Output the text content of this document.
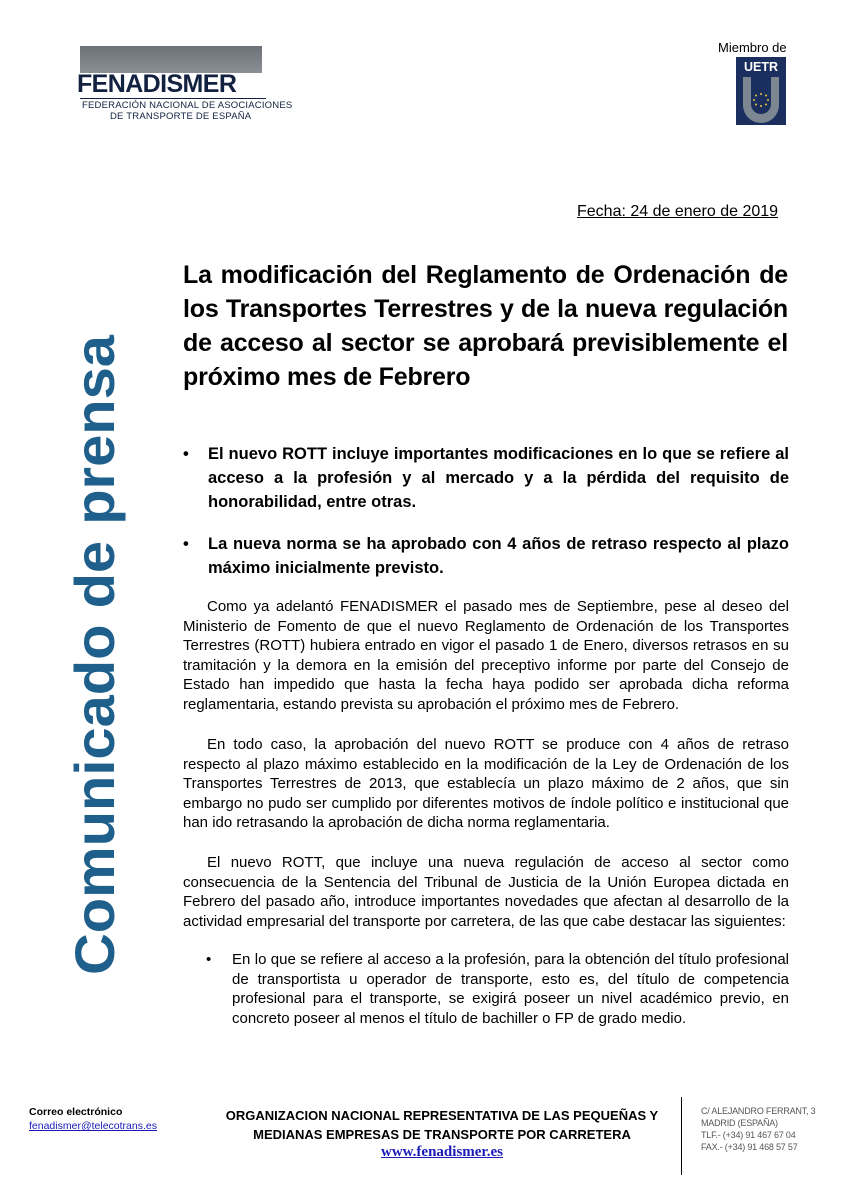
FENADISMER
FEDERACIÓN NACIONAL DE ASOCIACIONES
DE TRANSPORTE DE ESPAÑA
Miembro de
UETR
Fecha: 24 de enero de 2019
Comunicado de prensa
La modificación del Reglamento de Ordenación de los Transportes Terrestres y de la nueva regulación de acceso al sector se aprobará previsiblemente el próximo mes de Febrero
• El nuevo ROTT incluye importantes modificaciones en lo que se refiere al acceso a la profesión y al mercado y a la pérdida del requisito de honorabilidad, entre otras.
• La nueva norma se ha aprobado con 4 años de retraso respecto al plazo máximo inicialmente previsto.

Como ya adelantó FENADISMER el pasado mes de Septiembre, pese al deseo del Ministerio de Fomento de que el nuevo Reglamento de Ordenación de los Transportes Terrestres (ROTT) hubiera entrado en vigor el pasado 1 de Enero, diversos retrasos en su tramitación y la demora en la emisión del preceptivo informe por parte del Consejo de Estado han impedido que hasta la fecha haya podido ser aprobada dicha reforma reglamentaria, estando prevista su aprobación el próximo mes de Febrero.

En todo caso, la aprobación del nuevo ROTT se produce con 4 años de retraso respecto al plazo máximo establecido en la modificación de la Ley de Ordenación de los Transportes Terrestres de 2013, que establecía un plazo máximo de 2 años, que sin embargo no pudo ser cumplido por diferentes motivos de índole político e institucional que han ido retrasando la aprobación de dicha norma reglamentaria.

El nuevo ROTT, que incluye una nueva regulación de acceso al sector como consecuencia de la Sentencia del Tribunal de Justicia de la Unión Europea dictada en Febrero del pasado año, introduce importantes novedades que afectan al desarrollo de la actividad empresarial del transporte por carretera, de las que cabe destacar las siguientes:

• En lo que se refiere al acceso a la profesión, para la obtención del título profesional de transportista u operador de transporte, esto es, del título de competencia profesional para el transporte, se exigirá poseer un nivel académico previo, en concreto poseer al menos el título de bachiller o FP de grado medio.
Correo electrónico
fenadismer@telecotrans.es
ORGANIZACION NACIONAL REPRESENTATIVA DE LAS PEQUEÑAS Y
MEDIANAS EMPRESAS DE TRANSPORTE POR CARRETERA
www.fenadismer.es
C/ ALEJANDRO FERRANT, 3
MADRID (ESPAÑA)
TLF.- (+34) 91 467 67 04
FAX.- (+34) 91 468 57 57
